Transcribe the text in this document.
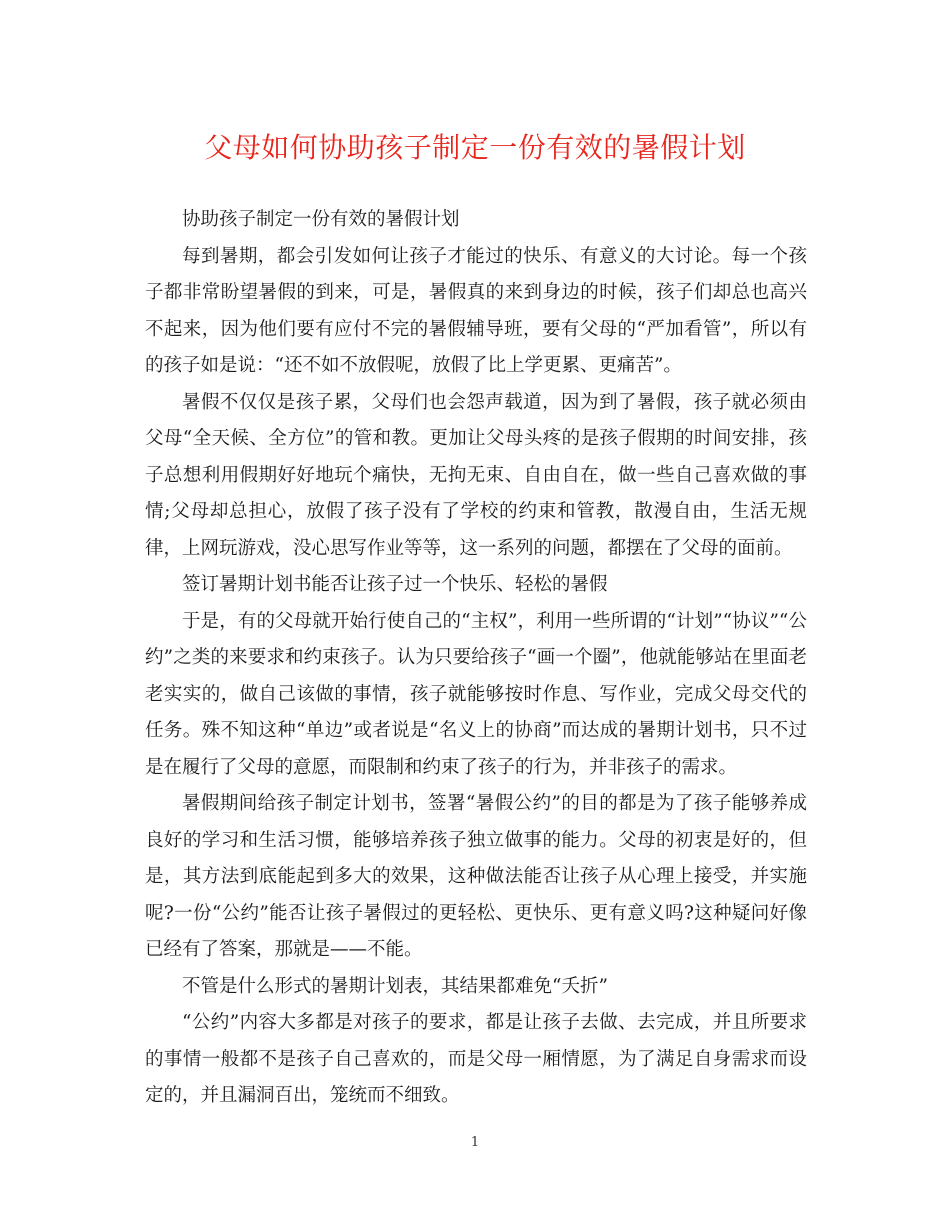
父母如何协助孩子制定一份有效的暑假计划

协助孩子制定一份有效的暑假计划

每到暑期，都会引发如何让孩子才能过的快乐、有意义的大讨论。每一个孩子都非常盼望暑假的到来，可是，暑假真的来到身边的时候，孩子们却总也高兴不起来，因为他们要有应付不完的暑假辅导班，要有父母的“严加看管”，所以有的孩子如是说：“还不如不放假呢，放假了比上学更累、更痛苦”。

暑假不仅仅是孩子累，父母们也会怨声载道，因为到了暑假，孩子就必须由父母“全天候、全方位”的管和教。更加让父母头疼的是孩子假期的时间安排，孩子总想利用假期好好地玩个痛快，无拘无束、自由自在，做一些自己喜欢做的事情;父母却总担心，放假了孩子没有了学校的约束和管教，散漫自由，生活无规律，上网玩游戏，没心思写作业等等，这一系列的问题，都摆在了父母的面前。

签订暑期计划书能否让孩子过一个快乐、轻松的暑假

于是，有的父母就开始行使自己的“主权”，利用一些所谓的“计划”“协议”“公约”之类的来要求和约束孩子。认为只要给孩子“画一个圈”，他就能够站在里面老老实实的，做自己该做的事情，孩子就能够按时作息、写作业，完成父母交代的任务。殊不知这种“单边”或者说是“名义上的协商”而达成的暑期计划书，只不过是在履行了父母的意愿，而限制和约束了孩子的行为，并非孩子的需求。

暑假期间给孩子制定计划书，签署“暑假公约”的目的都是为了孩子能够养成良好的学习和生活习惯，能够培养孩子独立做事的能力。父母的初衷是好的，但是，其方法到底能起到多大的效果，这种做法能否让孩子从心理上接受，并实施呢?一份“公约”能否让孩子暑假过的更轻松、更快乐、更有意义吗?这种疑问好像已经有了答案，那就是——不能。

不管是什么形式的暑期计划表，其结果都难免“夭折”

“公约”内容大多都是对孩子的要求，都是让孩子去做、去完成，并且所要求的事情一般都不是孩子自己喜欢的，而是父母一厢情愿，为了满足自身需求而设定的，并且漏洞百出，笼统而不细致。

1
